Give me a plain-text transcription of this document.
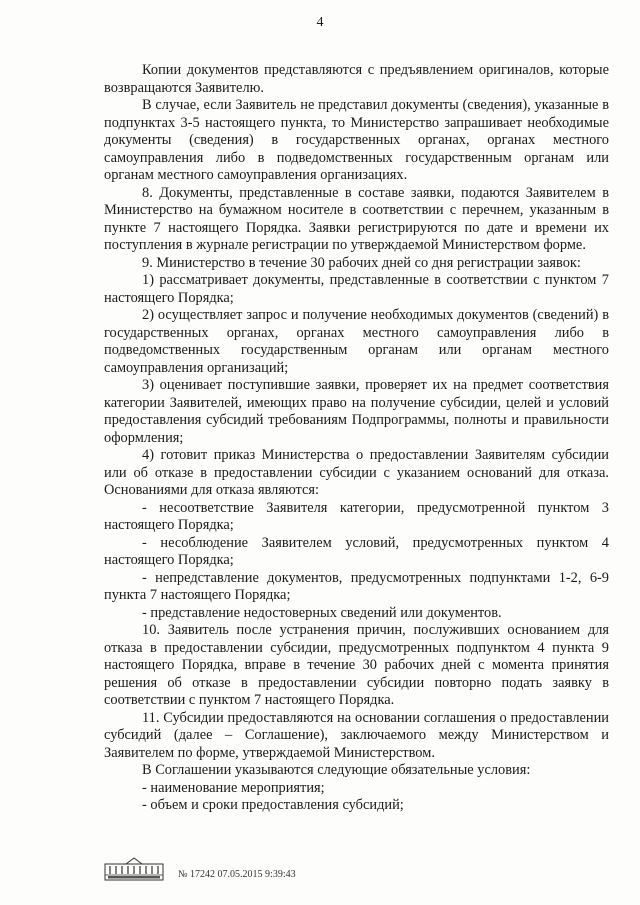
4

Копии документов представляются с предъявлением оригиналов, которые возвращаются Заявителю.

В случае, если Заявитель не представил документы (сведения), указанные в подпунктах 3-5 настоящего пункта, то Министерство запрашивает необходимые документы (сведения) в государственных органах, органах местного самоуправления либо в подведомственных государственным органам или органам местного самоуправления организациях.

8. Документы, представленные в составе заявки, подаются Заявителем в Министерство на бумажном носителе в соответствии с перечнем, указанным в пункте 7 настоящего Порядка. Заявки регистрируются по дате и времени их поступления в журнале регистрации по утверждаемой Министерством форме.

9. Министерство в течение 30 рабочих дней со дня регистрации заявок:

1) рассматривает документы, представленные в соответствии с пунктом 7 настоящего Порядка;

2) осуществляет запрос и получение необходимых документов (сведений) в государственных органах, органах местного самоуправления либо в подведомственных государственным органам или органам местного самоуправления организаций;

3) оценивает поступившие заявки, проверяет их на предмет соответствия категории Заявителей, имеющих право на получение субсидии, целей и условий предоставления субсидий требованиям Подпрограммы, полноты и правильности оформления;

4) готовит приказ Министерства о предоставлении Заявителям субсидии или об отказе в предоставлении субсидии с указанием оснований для отказа. Основаниями для отказа являются:

- несоответствие Заявителя категории, предусмотренной пунктом 3 настоящего Порядка;

- несоблюдение Заявителем условий, предусмотренных пунктом 4 настоящего Порядка;

- непредставление документов, предусмотренных подпунктами 1-2, 6-9 пункта 7 настоящего Порядка;

- представление недостоверных сведений или документов.

10. Заявитель после устранения причин, послуживших основанием для отказа в предоставлении субсидии, предусмотренных подпунктом 4 пункта 9 настоящего Порядка, вправе в течение 30 рабочих дней с момента принятия решения об отказе в предоставлении субсидии повторно подать заявку в соответствии с пунктом 7 настоящего Порядка.

11. Субсидии предоставляются на основании соглашения о предоставлении субсидий (далее – Соглашение), заключаемого между Министерством и Заявителем по форме, утверждаемой Министерством.

В Соглашении указываются следующие обязательные условия:

- наименование мероприятия;

- объем и сроки предоставления субсидий;

№ 17242 07.05.2015 9:39:43
